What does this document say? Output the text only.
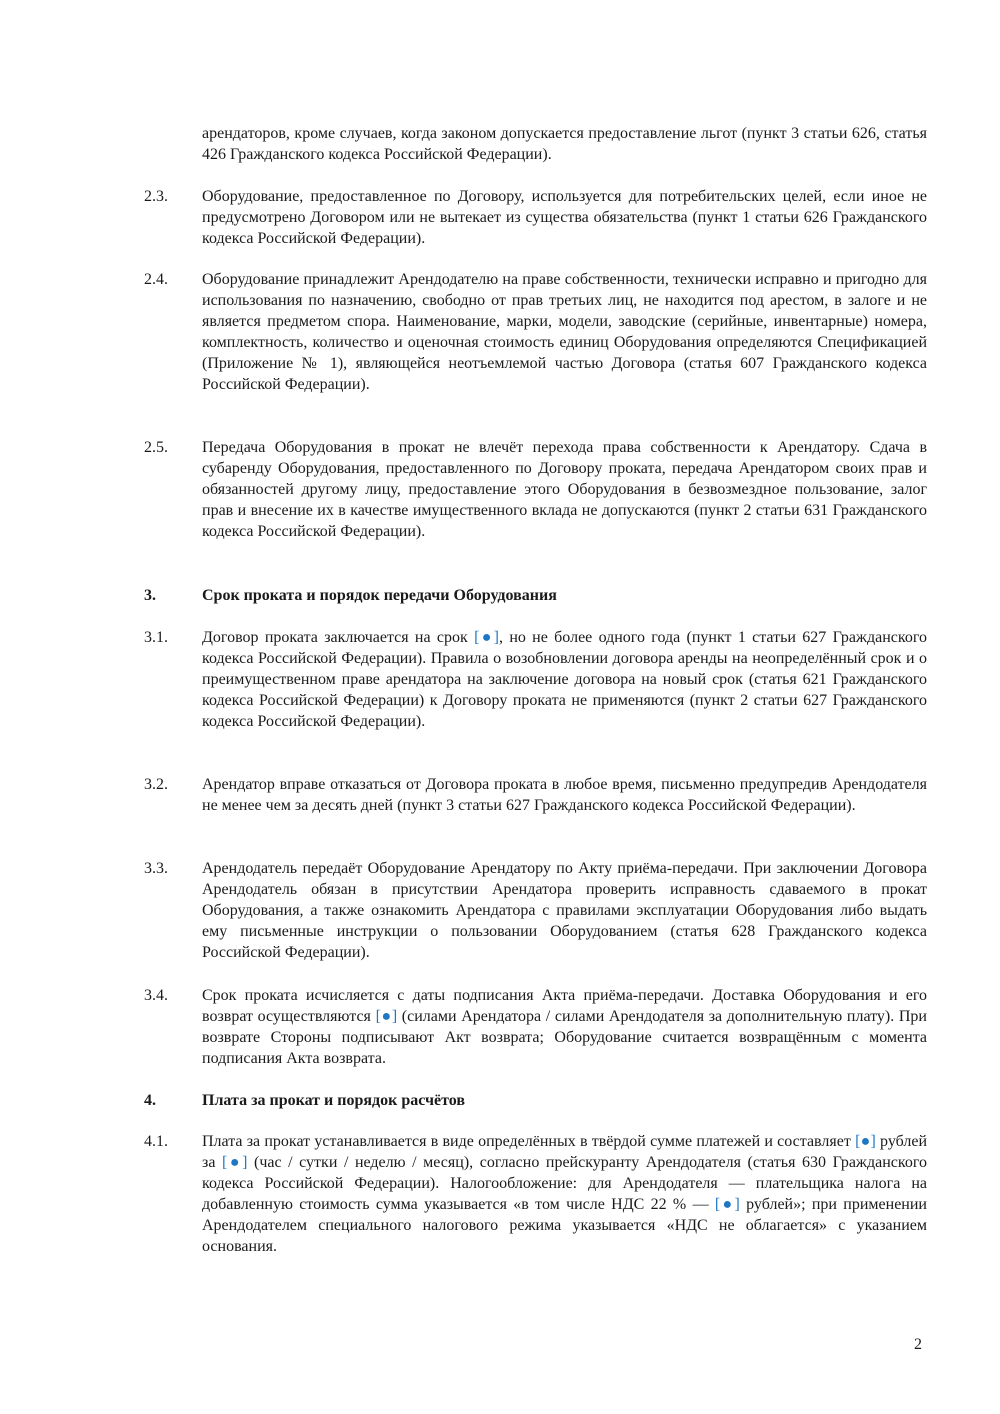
арендаторов, кроме случаев, когда законом допускается предоставление льгот (пункт 3 статьи 626, статья 426 Гражданского кодекса Российской Федерации).
2.3. Оборудование, предоставленное по Договору, используется для потребительских целей, если иное не предусмотрено Договором или не вытекает из существа обязательства (пункт 1 статьи 626 Гражданского кодекса Российской Федерации).
2.4. Оборудование принадлежит Арендодателю на праве собственности, технически исправно и пригодно для использования по назначению, свободно от прав третьих лиц, не находится под арестом, в залоге и не является предметом спора. Наименование, марки, модели, заводские (серийные, инвентарные) номера, комплектность, количество и оценочная стоимость единиц Оборудования определяются Спецификацией (Приложение № 1), являющейся неотъемлемой частью Договора (статья 607 Гражданского кодекса Российской Федерации).
2.5. Передача Оборудования в прокат не влечёт перехода права собственности к Арендатору. Сдача в субаренду Оборудования, предоставленного по Договору проката, передача Арендатором своих прав и обязанностей другому лицу, предоставление этого Оборудования в безвозмездное пользование, залог прав и внесение их в качестве имущественного вклада не допускаются (пункт 2 статьи 631 Гражданского кодекса Российской Федерации).
3.	Срок проката и порядок передачи Оборудования
3.1. Договор проката заключается на срок [●], но не более одного года (пункт 1 статьи 627 Гражданского кодекса Российской Федерации). Правила о возобновлении договора аренды на неопределённый срок и о преимущественном праве арендатора на заключение договора на новый срок (статья 621 Гражданского кодекса Российской Федерации) к Договору проката не применяются (пункт 2 статьи 627 Гражданского кодекса Российской Федерации).
3.2. Арендатор вправе отказаться от Договора проката в любое время, письменно предупредив Арендодателя не менее чем за десять дней (пункт 3 статьи 627 Гражданского кодекса Российской Федерации).
3.3. Арендодатель передаёт Оборудование Арендатору по Акту приёма-передачи. При заключении Договора Арендодатель обязан в присутствии Арендатора проверить исправность сдаваемого в прокат Оборудования, а также ознакомить Арендатора с правилами эксплуатации Оборудования либо выдать ему письменные инструкции о пользовании Оборудованием (статья 628 Гражданского кодекса Российской Федерации).
3.4. Срок проката исчисляется с даты подписания Акта приёма-передачи. Доставка Оборудования и его возврат осуществляются [●] (силами Арендатора / силами Арендодателя за дополнительную плату). При возврате Стороны подписывают Акт возврата; Оборудование считается возвращённым с момента подписания Акта возврата.
4.	Плата за прокат и порядок расчётов
4.1. Плата за прокат устанавливается в виде определённых в твёрдой сумме платежей и составляет [●] рублей за [●] (час / сутки / неделю / месяц), согласно прейскуранту Арендодателя (статья 630 Гражданского кодекса Российской Федерации). Налогообложение: для Арендодателя — плательщика налога на добавленную стоимость сумма указывается «в том числе НДС 22 % — [●] рублей»; при применении Арендодателем специального налогового режима указывается «НДС не облагается» с указанием основания.
2
